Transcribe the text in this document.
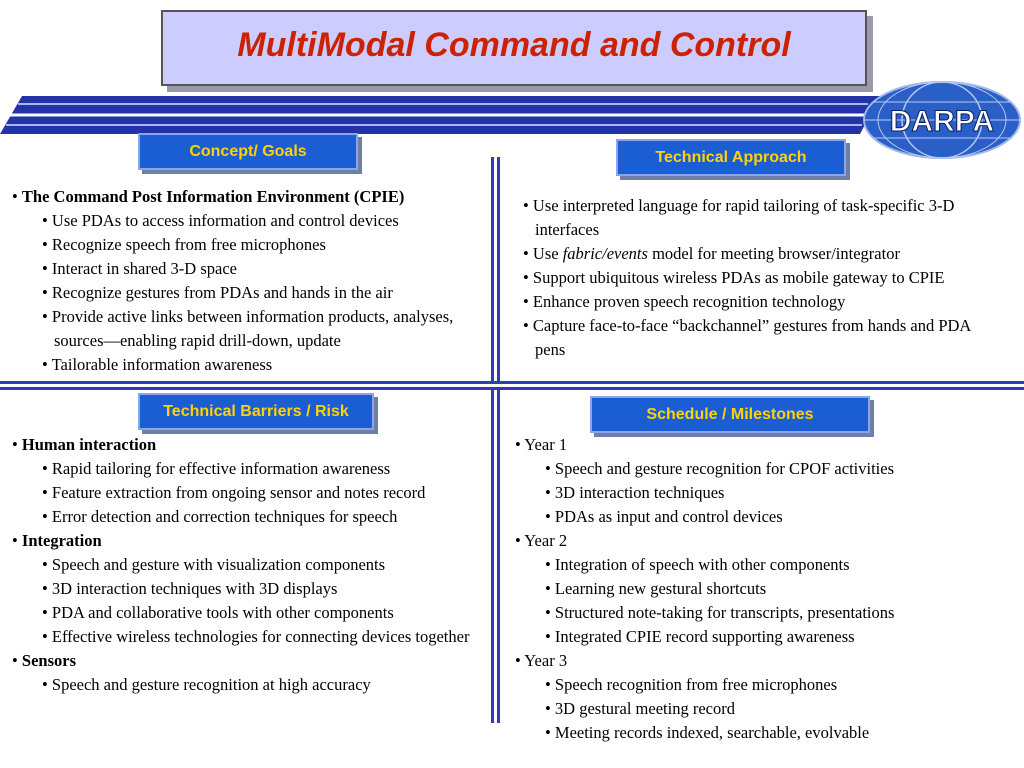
MultiModal Command and Control
DARPA
Concept/ Goals	Technical Approach
Technical Barriers / Risk	Schedule / Milestones
• The Command Post Information Environment (CPIE)
• Use PDAs to access information and control devices
• Recognize speech from free microphones
• Interact in shared 3-D space
• Recognize gestures from PDAs and hands in the air
• Provide active links between information products, analyses, sources—enabling rapid drill-down, update
• Tailorable information awareness
• Use interpreted language for rapid tailoring of task-specific 3-D interfaces
• Use fabric/events model for meeting browser/integrator
• Support ubiquitous wireless PDAs as mobile gateway to CPIE
• Enhance proven speech recognition technology
• Capture face-to-face “backchannel” gestures from hands and PDA pens
• Human interaction
• Rapid tailoring for effective information awareness
• Feature extraction from ongoing sensor and notes record
• Error detection and correction techniques for speech
• Integration
• Speech and gesture with visualization components
• 3D interaction techniques with 3D displays
• PDA and collaborative tools with other components
• Effective wireless technologies for connecting devices together
• Sensors
• Speech and gesture recognition at high accuracy
• Year 1
• Speech and gesture recognition for CPOF activities
• 3D interaction techniques
• PDAs as input and control devices
• Year 2
• Integration of speech with other components
• Learning new gestural shortcuts
• Structured note-taking for transcripts, presentations
• Integrated CPIE record supporting awareness
• Year 3
• Speech recognition from free microphones
• 3D gestural meeting record
• Meeting records indexed, searchable, evolvable
